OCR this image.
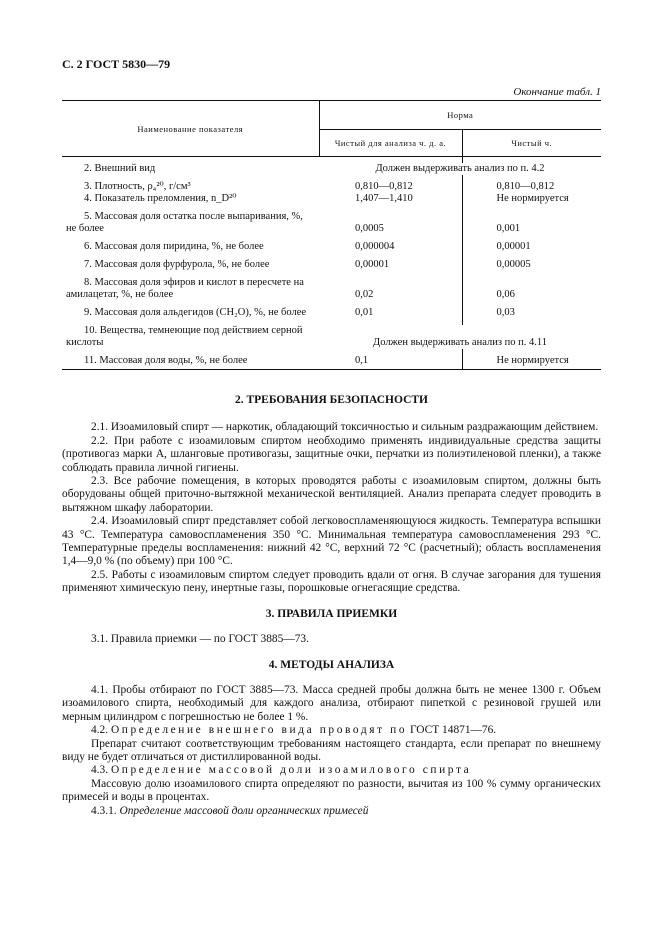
С. 2 ГОСТ 5830—79
Окончание табл. 1
Наименование показателя	Норма	
	Чистый для анализа ч. д. а.	Чистый ч.

2. Внешний вид	Должен выдерживать анализ по п. 4.2	

3. Плотность, ρ₄²⁰, г/см³	0,810—0,812	0,810—0,812
4. Показатель преломления, n_D²⁰	1,407—1,410	Не нормируется

5. Массовая доля остатка после выпаривания, %, не более	0,0005	0,001

6. Массовая доля пиридина, %, не более	0,000004	0,00001

7. Массовая доля фурфурола, %, не более	0,00001	0,00005

8. Массовая доля эфиров и кислот в пересчете на амилацетат, %, не более	0,02	0,06

9. Массовая доля альдегидов (CH₂O), %, не более	0,01	0,03

10. Вещества, темнеющие под действием серной кислоты	Должен выдерживать анализ по п. 4.11	

11. Массовая доля воды, %, не более	0,1	Не нормируется
2. ТРЕБОВАНИЯ БЕЗОПАСНОСТИ

2.1. Изоамиловый спирт — наркотик, обладающий токсичностью и сильным раздражающим действием.

2.2. При работе с изоамиловым спиртом необходимо применять индивидуальные средства защиты (противогаз марки А, шланговые противогазы, защитные очки, перчатки из полиэтиленовой пленки), а также соблюдать правила личной гигиены.

2.3. Все рабочие помещения, в которых проводятся работы с изоамиловым спиртом, должны быть оборудованы общей приточно-вытяжной механической вентиляцией. Анализ препарата следует проводить в вытяжном шкафу лаборатории.

2.4. Изоамиловый спирт представляет собой легковоспламеняющуюся жидкость. Температура вспышки 43 °С. Температура самовоспламенения 350 °С. Минимальная температура самовоспламенения 293 °С. Температурные пределы воспламенения: нижний 42 °С, верхний 72 °С (расчетный); область воспламенения 1,4—9,0 % (по объему) при 100 °С.

2.5. Работы с изоамиловым спиртом следует проводить вдали от огня. В случае загорания для тушения применяют химическую пену, инертные газы, порошковые огнегасящие средства.

3. ПРАВИЛА ПРИЕМКИ

3.1. Правила приемки — по ГОСТ 3885—73.

4. МЕТОДЫ АНАЛИЗА

4.1. Пробы отбирают по ГОСТ 3885—73. Масса средней пробы должна быть не менее 1300 г. Объем изоамилового спирта, необходимый для каждого анализа, отбирают пипеткой с резиновой грушей или мерным цилиндром с погрешностью не более 1 %.

4.2. Определение внешнего вида проводят по ГОСТ 14871—76.

Препарат считают соответствующим требованиям настоящего стандарта, если препарат по внешнему виду не будет отличаться от дистиллированной воды.

4.3. Определение массовой доли изоамилового спирта

Массовую долю изоамилового спирта определяют по разности, вычитая из 100 % сумму органических примесей и воды в процентах.

4.3.1. Определение массовой доли органических примесей
